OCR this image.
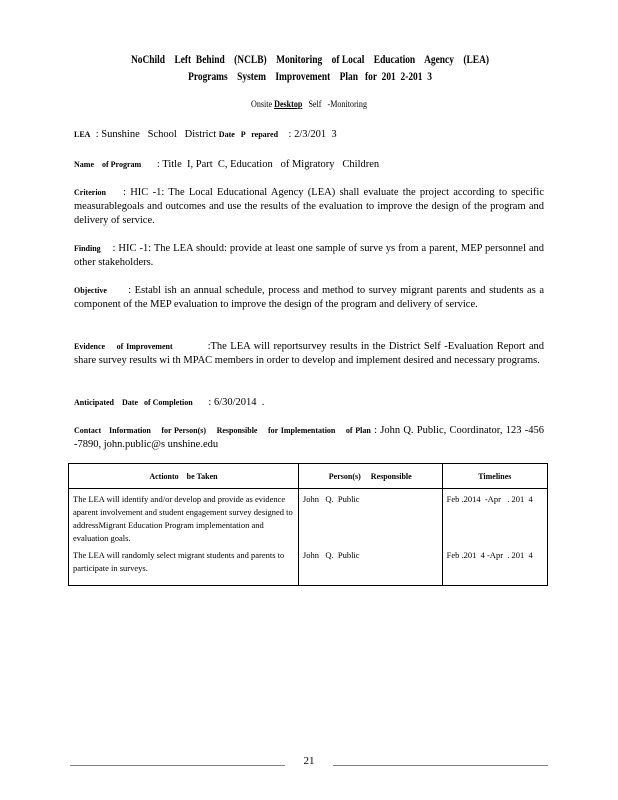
NoChild    Left  Behind    (NCLB)    Monitoring    of Local    Education    Agency    (LEA)
Programs    System    Improvement    Plan   for  201  2-201  3
Onsite Desktop   Self   -Monitoring
LEA : Sunshine   School   District Date   P   repared : 2/3/201  3
Name    of Program : Title  I, Part  C, Education   of Migratory   Children
Criterion : HIC -1: The Local Educational Agency (LEA) shall evaluate the project according to specific measurablegoals and outcomes and use the results of the evaluation to improve the design of the program and delivery of service.
Finding : HIC -1: The LEA should: provide at least one sample of surve ys from a parent, MEP personnel and other stakeholders.
Objective : Establ ish an annual schedule, process and method to survey migrant parents and students as a component of the MEP evaluation to improve the design of the program and delivery of service.
Evidence    of Improvement	:The LEA will reportsurvey results in the District Self -Evaluation Report and share survey results wi th MPAC members in order to develop and implement desired and necessary programs.
Anticipated    Date   of Completion : 6/30/2014  .
Contact   Information    for Person(s)    Responsible    for Implementation    of Plan : John Q. Public, Coordinator, 123 -456 -7890, john.public@s unshine.edu
Actionto    be Taken	Person(s)     Responsible	Timelines
The LEA will identify and/or develop and provide as evidence aparent involvement and student engagement survey designed to addressMigrant Education Program implementation and evaluation goals.	John   Q.  Public	Feb .2014  -Apr   . 201  4
The LEA will randomly select migrant students and parents to participate in surveys.	John   Q.  Public	Feb .201  4 -Apr  . 201  4
21
